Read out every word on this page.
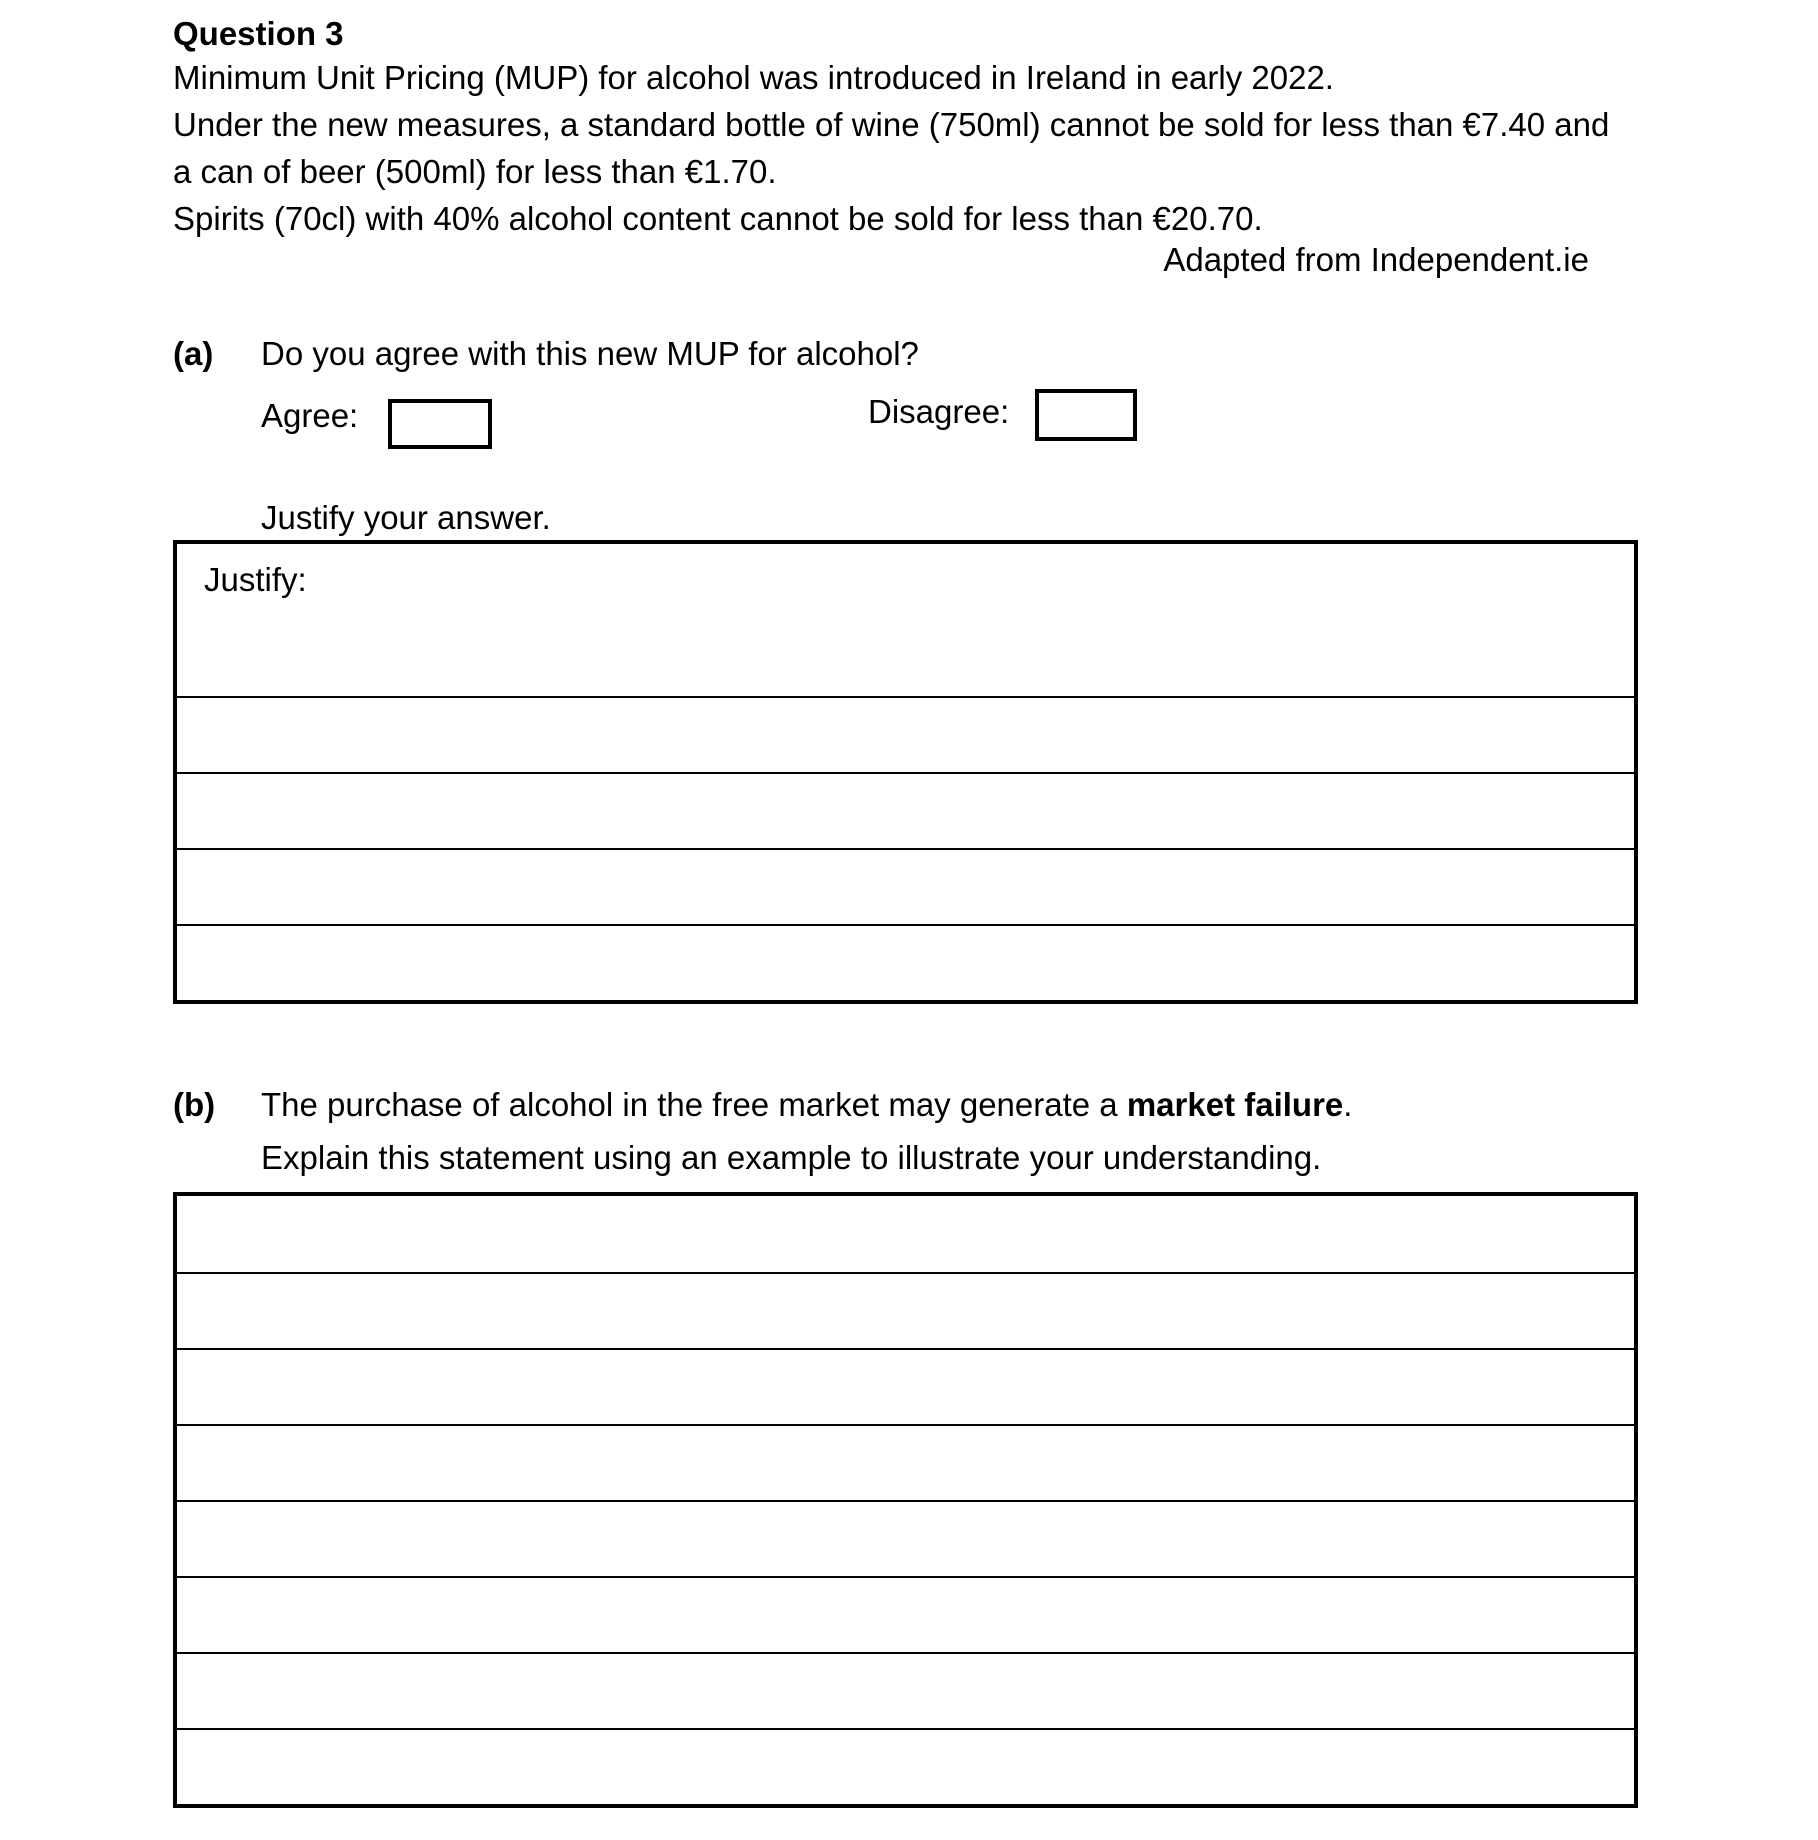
Question 3
Minimum Unit Pricing (MUP) for alcohol was introduced in Ireland in early 2022.
Under the new measures, a standard bottle of wine (750ml) cannot be sold for less than €7.40 and
a can of beer (500ml) for less than €1.70.
Spirits (70cl) with 40% alcohol content cannot be sold for less than €20.70.
Adapted from Independent.ie
(a) Do you agree with this new MUP for alcohol?
Agree:	Disagree:
Justify your answer.
Justify:
(b) The purchase of alcohol in the free market may generate a market failure.
Explain this statement using an example to illustrate your understanding.
